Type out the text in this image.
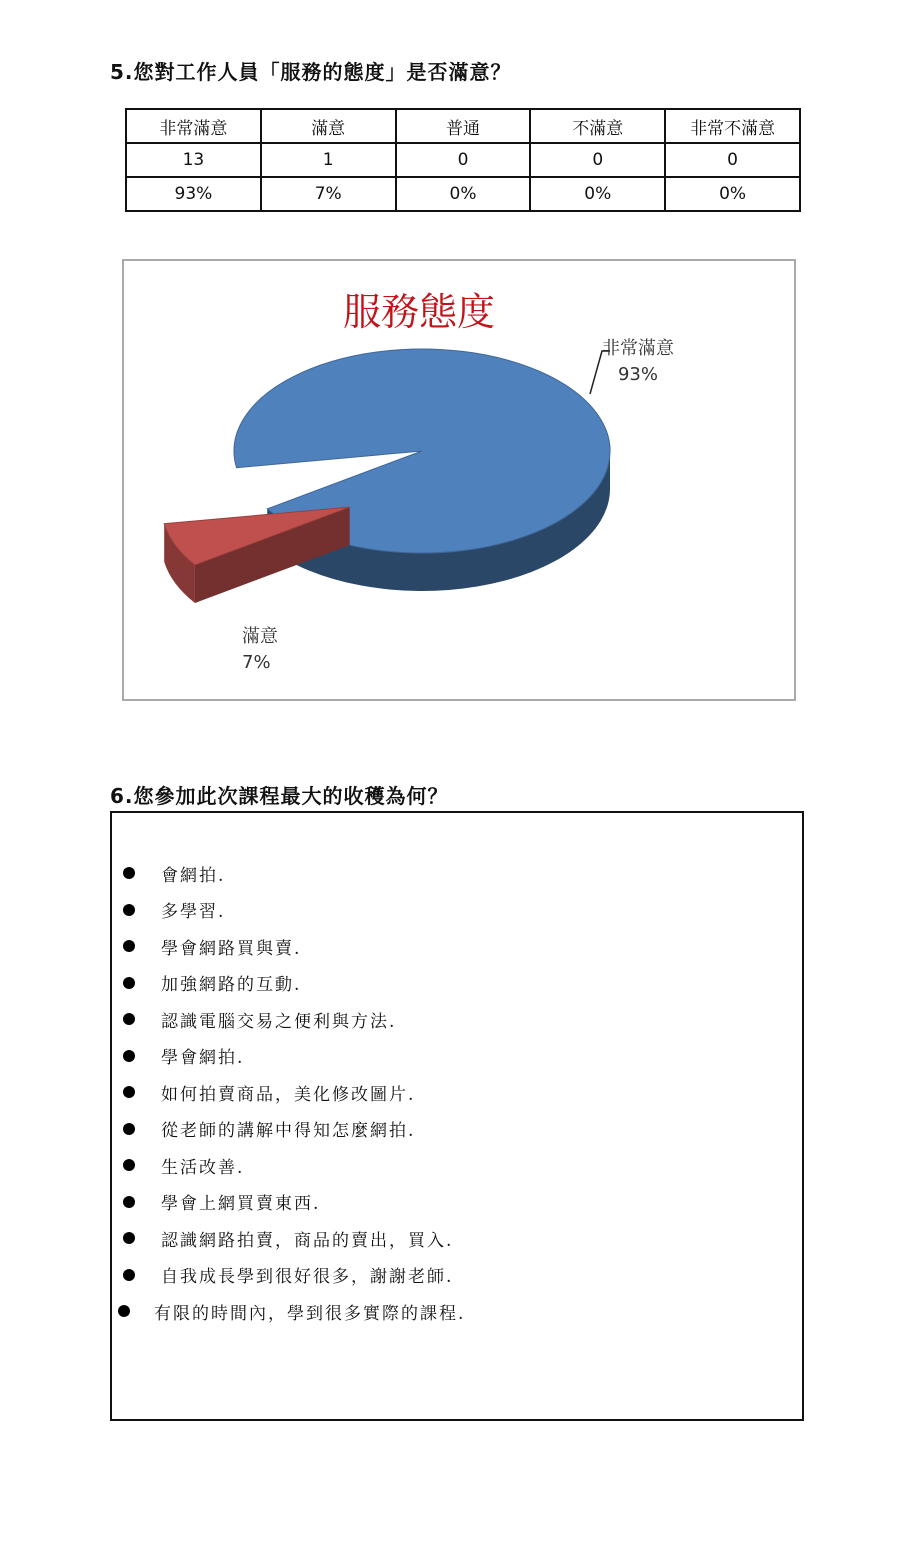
5.您對工作人員「服務的態度」是否滿意？
非常滿意	滿意	普通	不滿意	非常不滿意
13	1	0	0	0
93%	7%	0%	0%	0%
服務態度
非常滿意
93%
滿意
7%
6.您參加此次課程最大的收穫為何？
會網拍.
多學習.
學會網路買與賣.
加強網路的互動.
認識電腦交易之便利與方法.
學會網拍.
如何拍賣商品，美化修改圖片.
從老師的講解中得知怎麼網拍.
生活改善.
學會上網買賣東西.
認識網路拍賣，商品的賣出，買入.
自我成長學到很好很多，謝謝老師.
有限的時間內，學到很多實際的課程.
